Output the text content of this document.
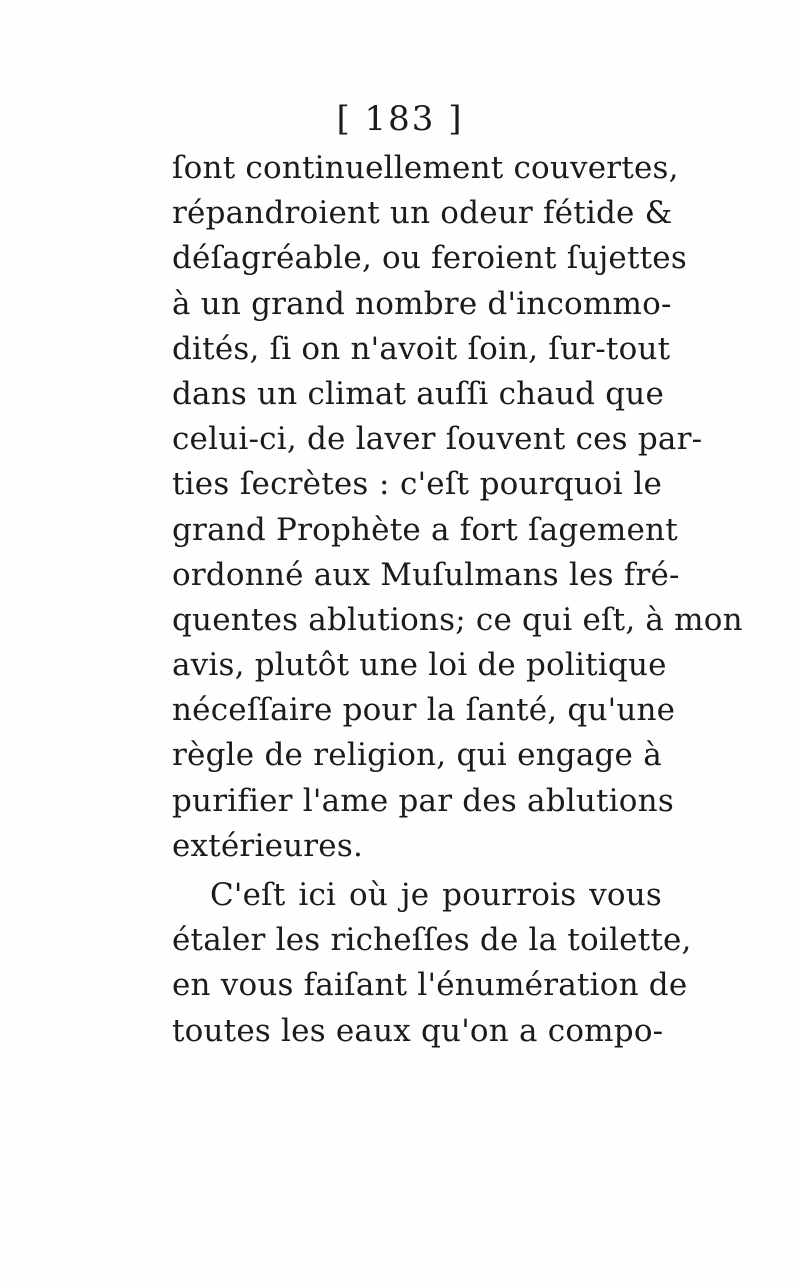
[ 183 ]
ſont continuellement couvertes,
répandroient un odeur fétide &
déſagréable, ou feroient ſujettes
à un grand nombre d'incommo-
dités, ſi on n'avoit ſoin, ſur-tout
dans un climat auſſi chaud que
celui-ci, de laver ſouvent ces par-
ties ſecrètes : c'eſt pourquoi le
grand Prophète a fort ſagement
ordonné aux Muſulmans les fré-
quentes ablutions; ce qui eſt, à mon
avis, plutôt une loi de politique
néceſſaire pour la ſanté, qu'une
règle de religion, qui engage à
purifier l'ame par des ablutions
extérieures.
C'eſt ici où je pourrois vous
étaler les richeſſes de la toilette,
en vous faiſant l'énumération de
toutes les eaux qu'on a compo-
